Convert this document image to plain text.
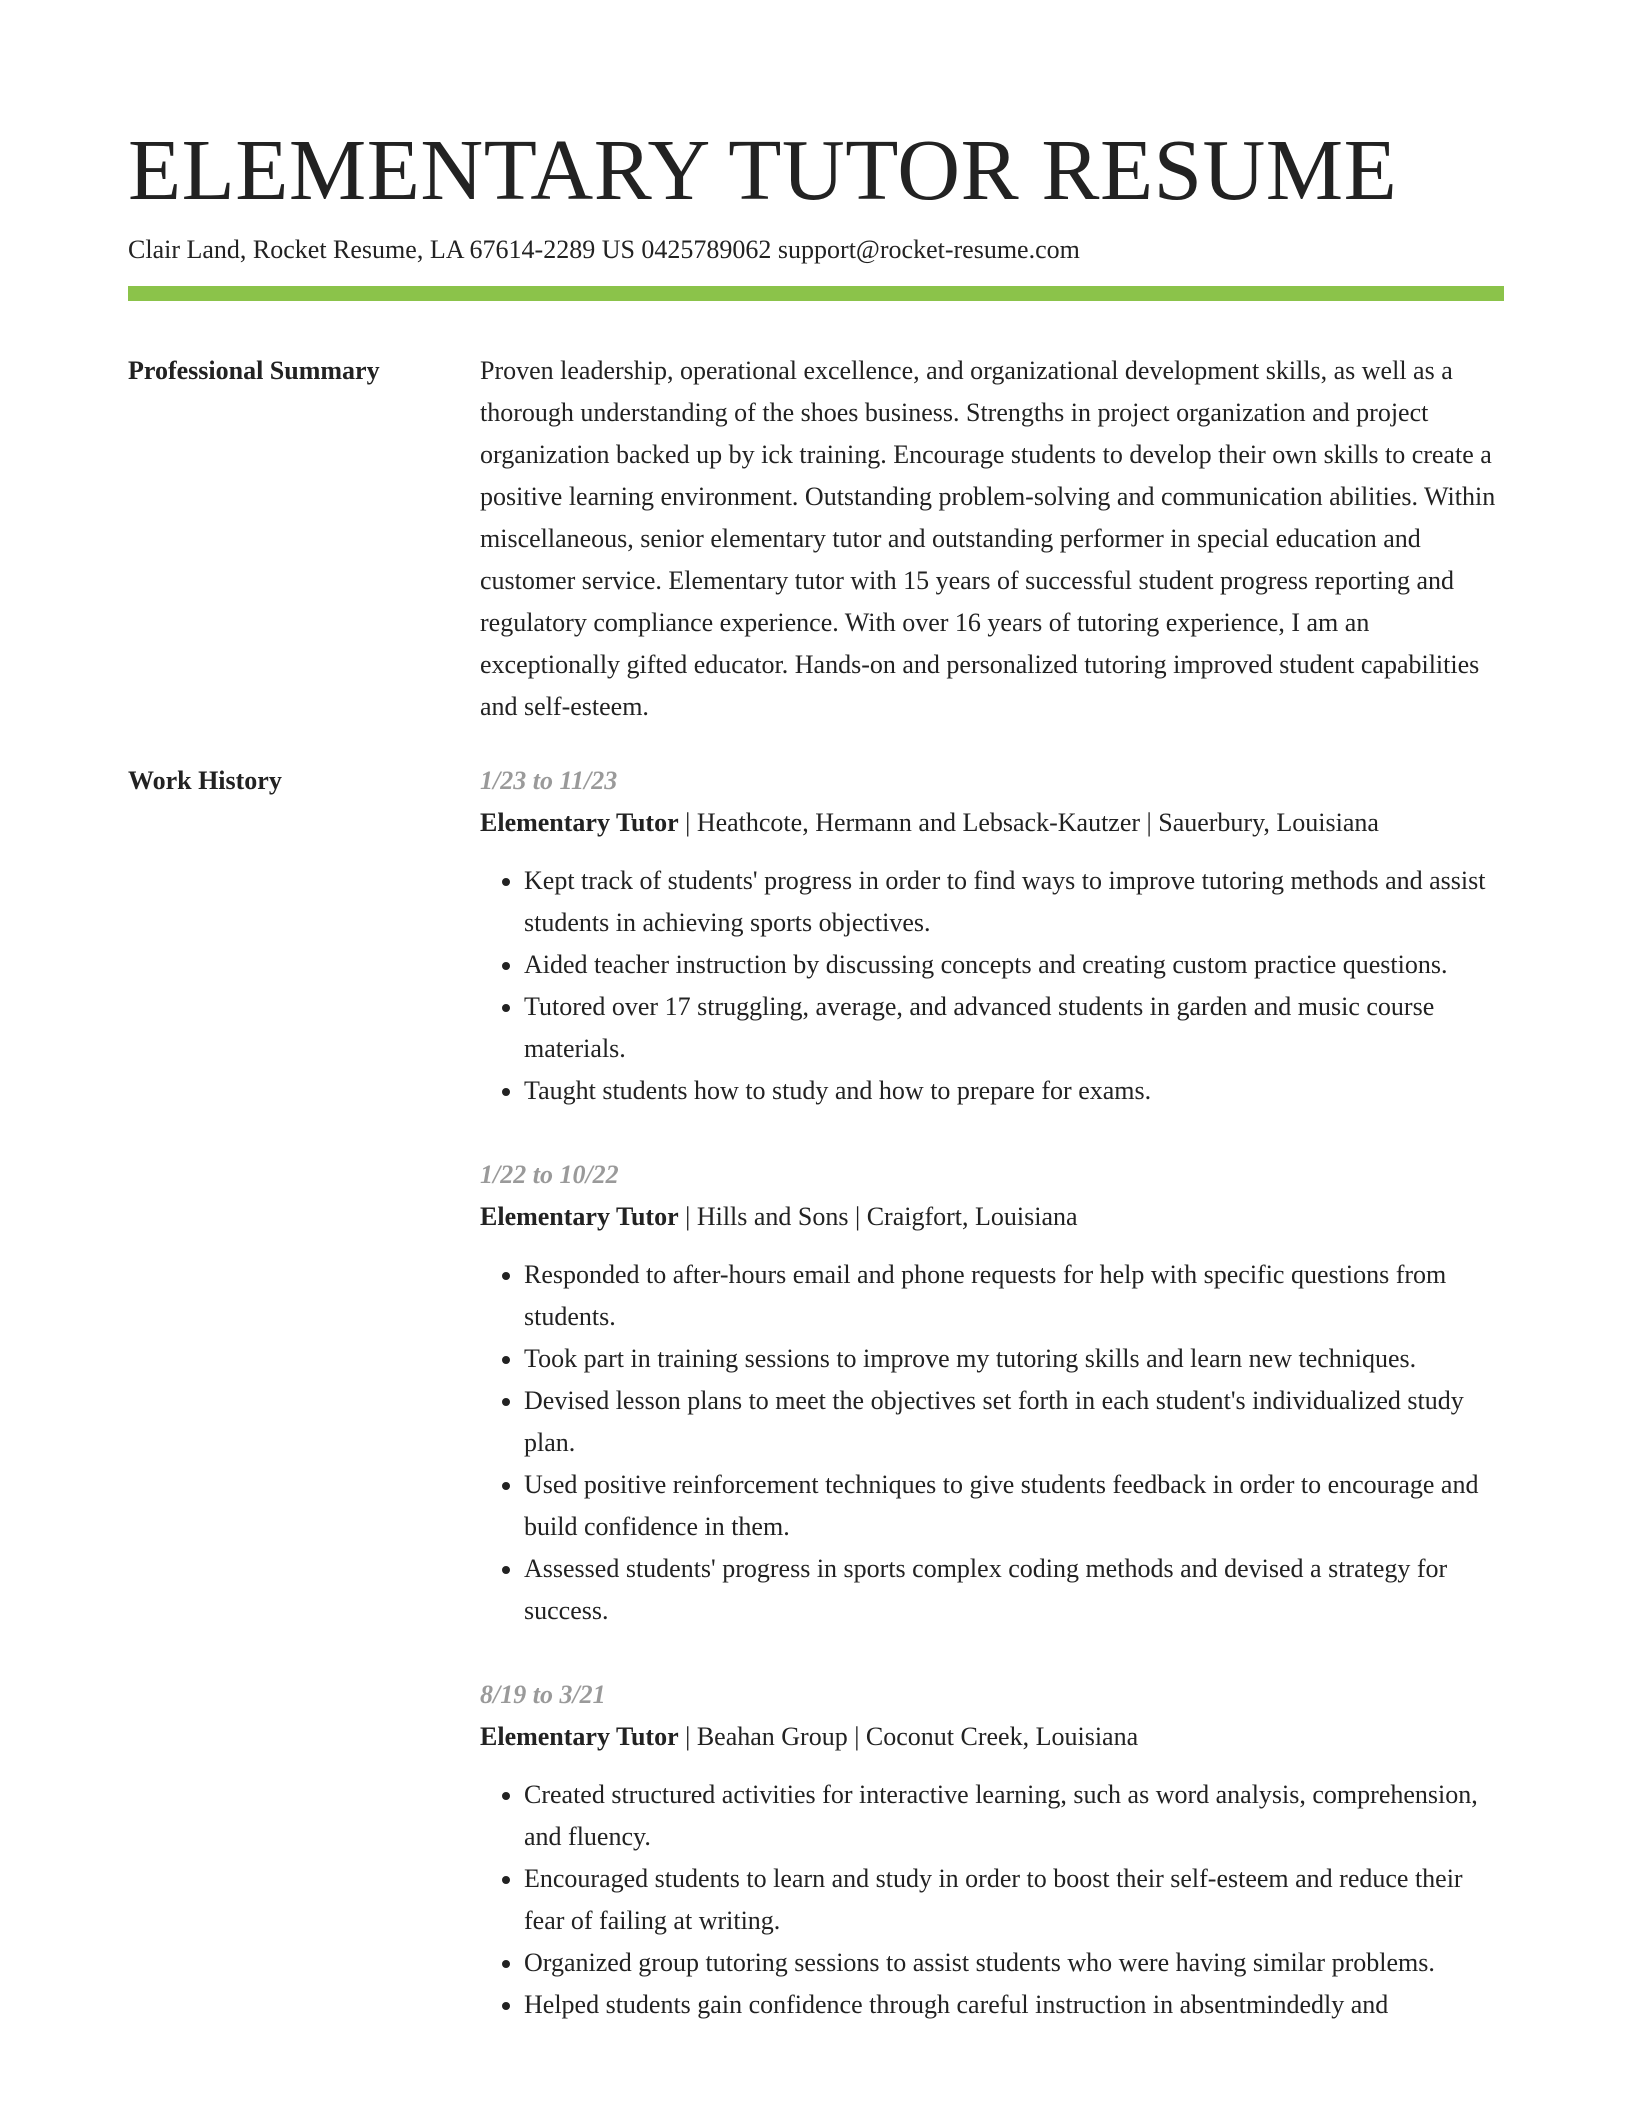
ELEMENTARY TUTOR RESUME
Clair Land, Rocket Resume, LA 67614-2289 US 0425789062 support@rocket-resume.com
Professional Summary	Proven leadership, operational excellence, and organizational development skills, as well as a thorough understanding of the shoes business. Strengths in project organization and project organization backed up by ick training. Encourage students to develop their own skills to create a positive learning environment. Outstanding problem-solving and communication abilities. Within miscellaneous, senior elementary tutor and outstanding performer in special education and customer service. Elementary tutor with 15 years of successful student progress reporting and regulatory compliance experience. With over 16 years of tutoring experience, I am an exceptionally gifted educator. Hands-on and personalized tutoring improved student capabilities and self-esteem.

Work History	1/23 to 11/23
Elementary Tutor | Heathcote, Hermann and Lebsack-Kautzer | Sauerbury, Louisiana
• Kept track of students' progress in order to find ways to improve tutoring methods and assist students in achieving sports objectives.
• Aided teacher instruction by discussing concepts and creating custom practice questions.
• Tutored over 17 struggling, average, and advanced students in garden and music course materials.
• Taught students how to study and how to prepare for exams.
1/22 to 10/22
Elementary Tutor | Hills and Sons | Craigfort, Louisiana
• Responded to after-hours email and phone requests for help with specific questions from students.
• Took part in training sessions to improve my tutoring skills and learn new techniques.
• Devised lesson plans to meet the objectives set forth in each student's individualized study plan.
• Used positive reinforcement techniques to give students feedback in order to encourage and build confidence in them.
• Assessed students' progress in sports complex coding methods and devised a strategy for success.
8/19 to 3/21
Elementary Tutor | Beahan Group | Coconut Creek, Louisiana
• Created structured activities for interactive learning, such as word analysis, comprehension, and fluency.
• Encouraged students to learn and study in order to boost their self-esteem and reduce their fear of failing at writing.
• Organized group tutoring sessions to assist students who were having similar problems.
• Helped students gain confidence through careful instruction in absentmindedly and
